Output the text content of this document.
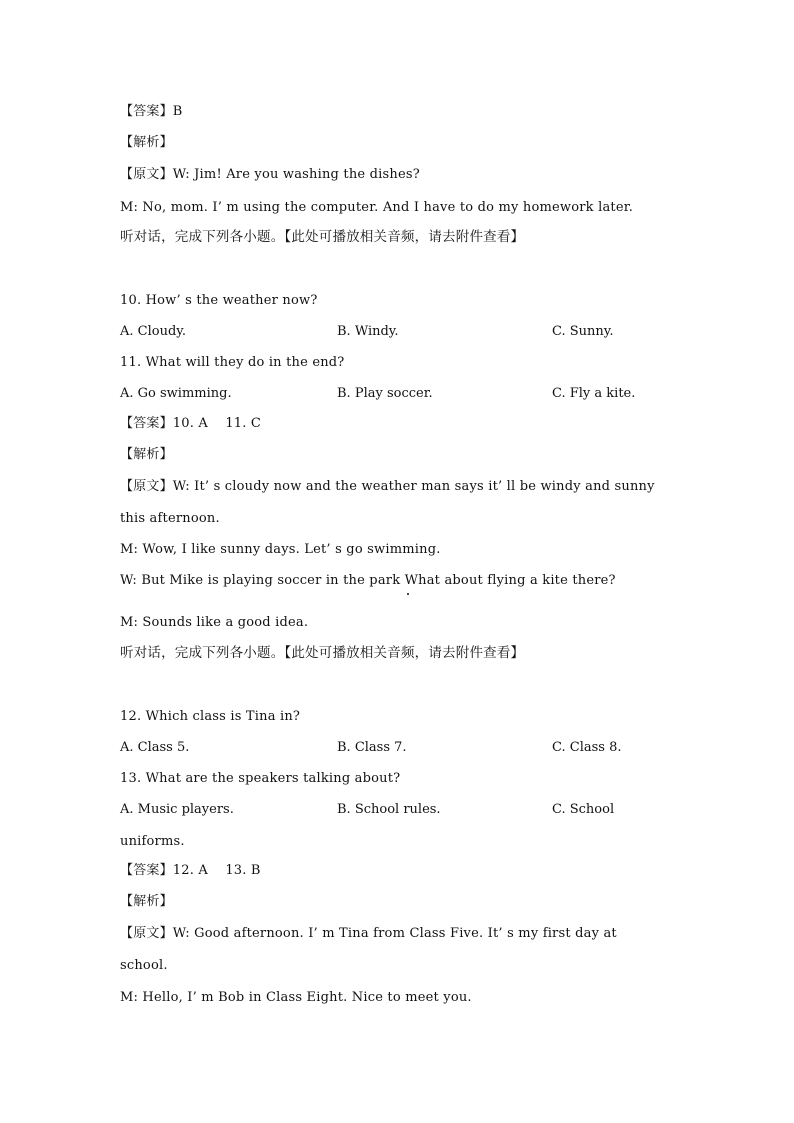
【答案】B
【解析】
【原文】W: Jim! Are you washing the dishes?
M: No, mom. I’ m using the computer. And I have to do my homework later.
听对话，完成下列各小题。【此处可播放相关音频，请去附件查看】
10. How’ s the weather now?
A. Cloudy.	B. Windy.	C. Sunny.
11. What will they do in the end?
A. Go swimming.	B. Play soccer.	C. Fly a kite.
【答案】10. A    11. C
【解析】
【原文】W: It’ s cloudy now and the weather man says it’ ll be windy and sunny
this afternoon.
M: Wow, I like sunny days. Let’ s go swimming.
W: But Mike is playing soccer in the park What about flying a kite there?
M: Sounds like a good idea.
听对话，完成下列各小题。【此处可播放相关音频，请去附件查看】
12. Which class is Tina in?
A. Class 5.	B. Class 7.	C. Class 8.
13. What are the speakers talking about?
A. Music players.	B. School rules.	C. School
uniforms.
【答案】12. A    13. B
【解析】
【原文】W: Good afternoon. I’ m Tina from Class Five. It’ s my first day at
school.
M: Hello, I’ m Bob in Class Eight. Nice to meet you.
